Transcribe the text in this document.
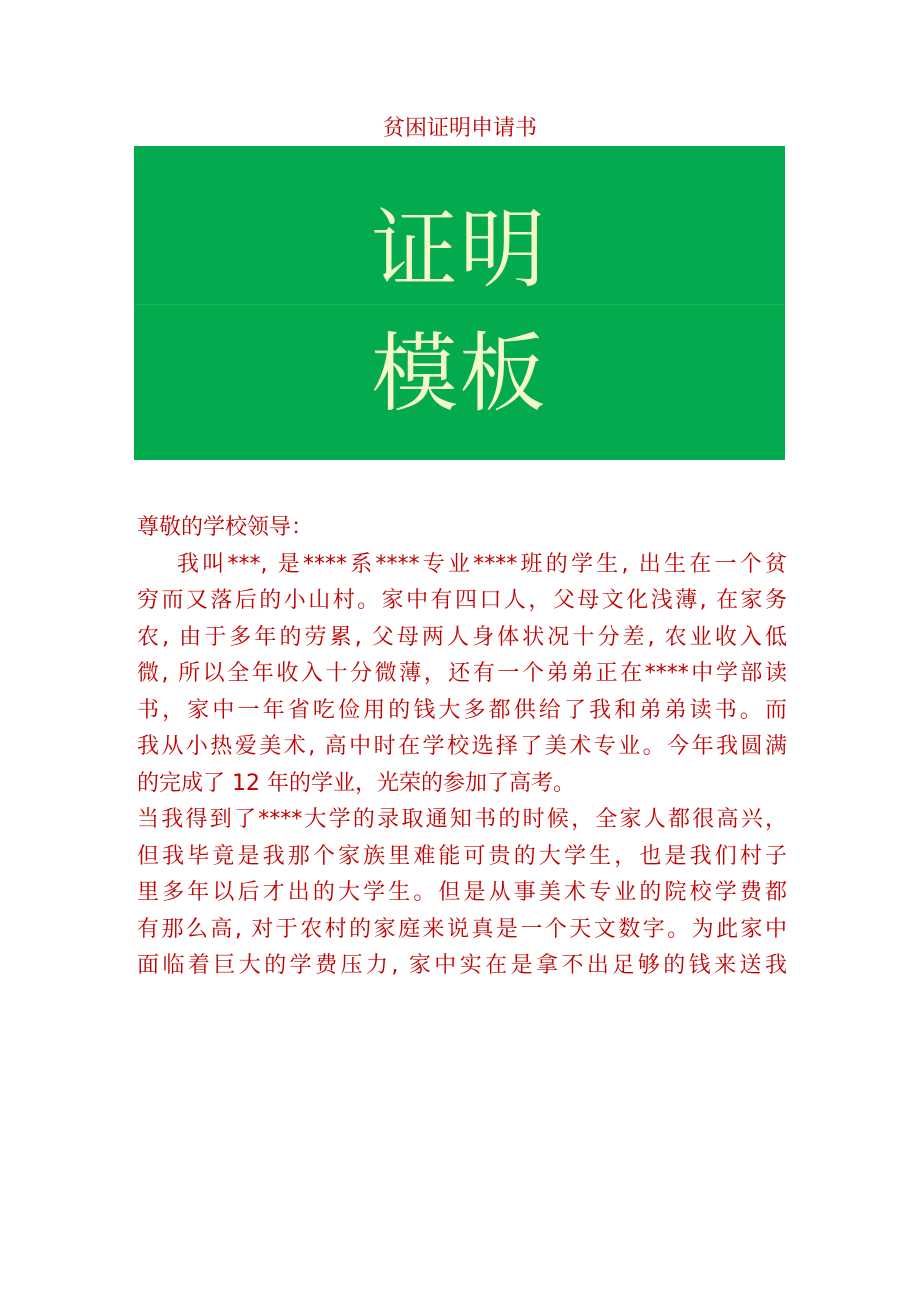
贫困证明申请书
证明
模板
尊敬的学校领导：
我叫***, 是****系****专业****班的学生, 出生在一个贫
穷而又落后的小山村。家中有四口人，父母文化浅薄, 在家务
农, 由于多年的劳累, 父母两人身体状况十分差, 农业收入低
微, 所以全年收入十分微薄，还有一个弟弟正在****中学部读
书，家中一年省吃俭用的钱大多都供给了我和弟弟读书。而
我从小热爱美术, 高中时在学校选择了美术专业。今年我圆满
的完成了 12 年的学业，光荣的参加了高考。
当我得到了****大学的录取通知书的时候，全家人都很高兴，
但我毕竟是我那个家族里难能可贵的大学生，也是我们村子
里多年以后才出的大学生。但是从事美术专业的院校学费都
有那么高, 对于农村的家庭来说真是一个天文数字。为此家中
面临着巨大的学费压力, 家中实在是拿不出足够的钱来送我
